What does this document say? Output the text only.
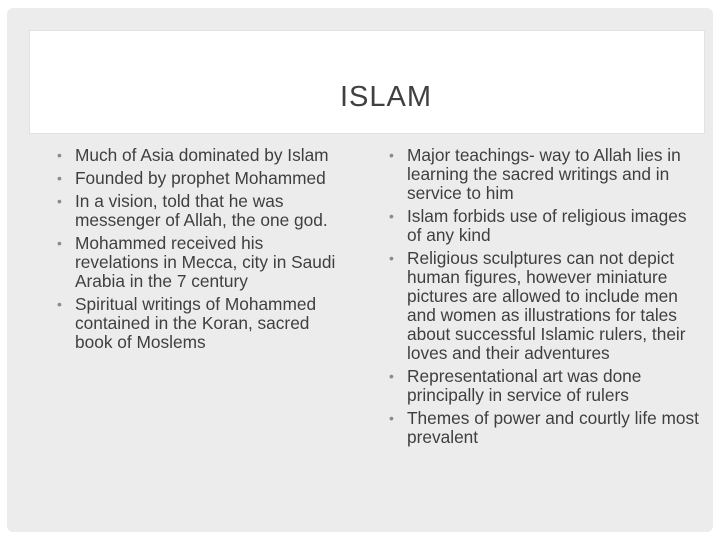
ISLAM
• Much of Asia dominated by Islam
• Founded by prophet Mohammed
• In a vision, told that he was messenger of Allah, the one god.
• Mohammed received his revelations in Mecca, city in Saudi Arabia in the 7 century
• Spiritual writings of Mohammed contained in the Koran, sacred book of Moslems
• Major teachings- way to Allah lies in learning the sacred writings and in service to him
• Islam forbids use of religious images of any kind
• Religious sculptures can not depict human figures, however miniature pictures are allowed to include men and women as illustrations for tales about successful Islamic rulers, their loves and their adventures
• Representational art was done principally in service of rulers
• Themes of power and courtly life most prevalent
